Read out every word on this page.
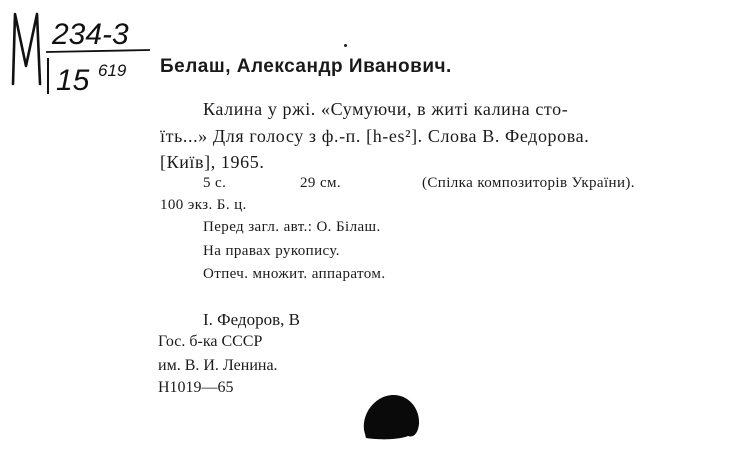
234-3
15 619 Белаш, Александр Иванович.
Калина у ржі. «Сумуючи, в житі калина сто-
їть...» Для голосу з ф.-п. [h-es²]. Слова В. Федорова.
[Київ], 1965.
5 с.	29 см.	(Спілка композиторів України).
100 экз. Б. ц.
Перед загл. авт.: О. Білаш.
На правах рукопису.
Отпеч. множит. аппаратом.
I. Федоров, В
Гос. б-ка СССР
им. В. И. Ленина.
Н1019—65
